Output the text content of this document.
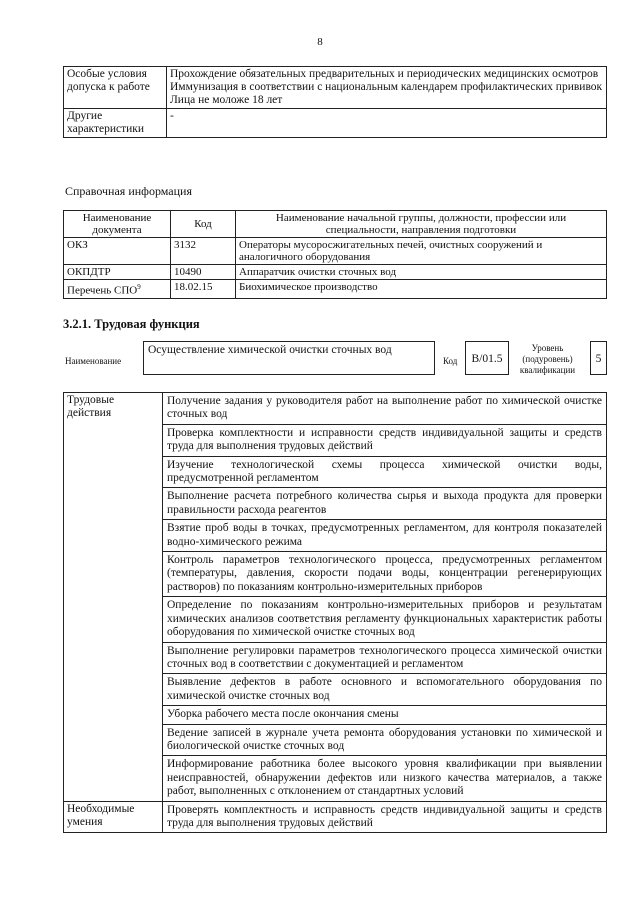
8
Особые условия допуска к работе	Прохождение обязательных предварительных и периодических медицинских осмотров

Иммунизация в соответствии с национальным календарем профилактических прививок

Лица не моложе 18 лет

Другие характеристики	-
Справочная информация
Наименование документа	Код	Наименование начальной группы, должности, профессии или специальности, направления подготовки
ОКЗ	3132	Операторы мусоросжигательных печей, очистных сооружений и аналогичного оборудования
ОКПДТР	10490	Аппаратчик очистки сточных вод
Перечень СПО$^9$	18.02.15	Биохимическое производство
3.2.1. Трудовая функция
Наименование
Осуществление химической очистки сточных вод
Код	В/01.5
Уровень (подуровень) квалификации
5
Трудовые действия	Получение задания у руководителя работ на выполнение работ по химической очистке сточных вод
	Проверка комплектности и исправности средств индивидуальной защиты и средств труда для выполнения трудовых действий
	Изучение технологической схемы процесса химической очистки воды, предусмотренной регламентом
	Выполнение расчета потребного количества сырья и выхода продукта для проверки правильности расхода реагентов
	Взятие проб воды в точках, предусмотренных регламентом, для контроля показателей водно-химического режима
	Контроль параметров технологического процесса, предусмотренных регламентом (температуры, давления, скорости подачи воды, концентрации регенерирующих растворов) по показаниям контрольно-измерительных приборов
	Определение по показаниям контрольно-измерительных приборов и результатам химических анализов соответствия регламенту функциональных характеристик работы оборудования по химической очистке сточных вод
	Выполнение регулировки параметров технологического процесса химической очистки сточных вод в соответствии с документацией и регламентом
	Выявление дефектов в работе основного и вспомогательного оборудования по химической очистке сточных вод
	Уборка рабочего места после окончания смены
	Ведение записей в журнале учета ремонта оборудования установки по химической и биологической очистке сточных вод
	Информирование работника более высокого уровня квалификации при выявлении неисправностей, обнаружении дефектов или низкого качества материалов, а также работ, выполненных с отклонением от стандартных условий
Необходимые умения	Проверять комплектность и исправность средств индивидуальной защиты и средств труда для выполнения трудовых действий
